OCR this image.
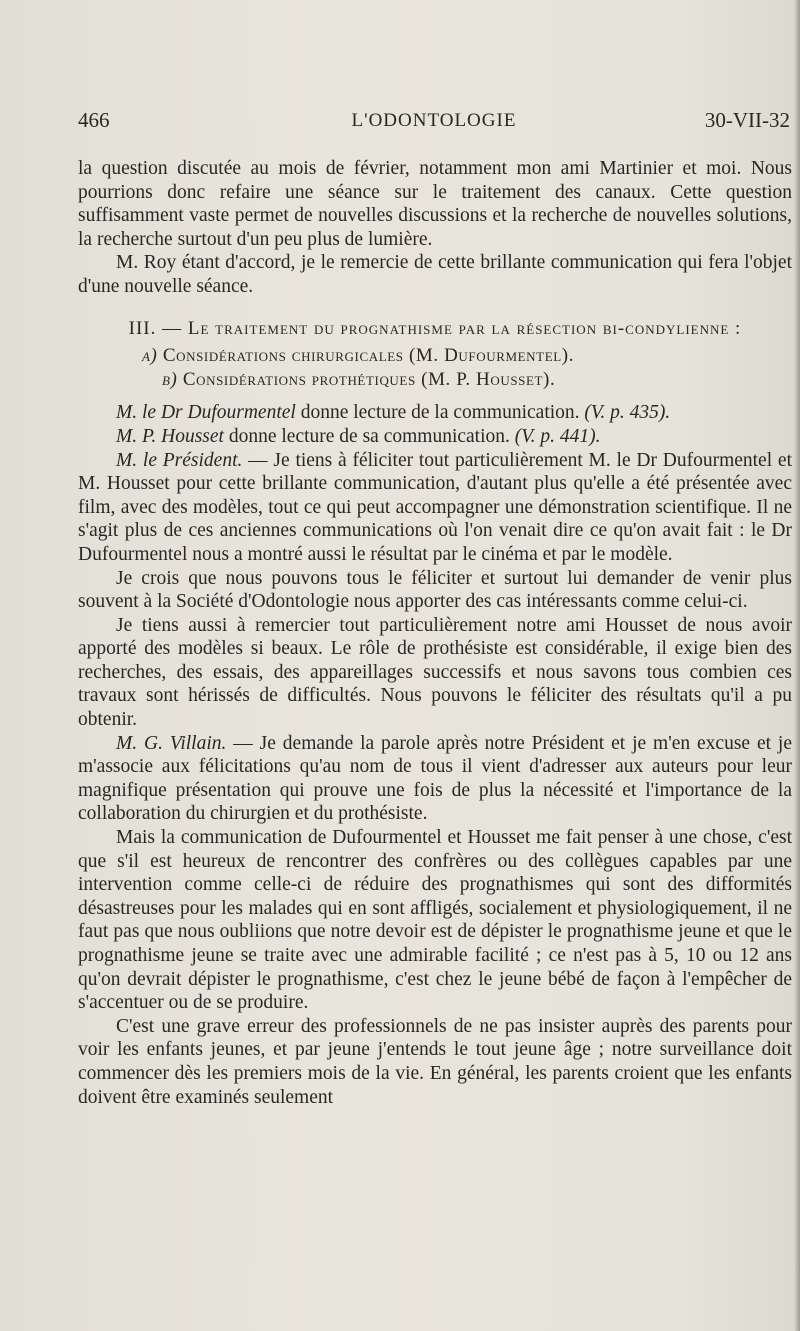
466	L'ODONTOLOGIE	30-VII-32

la question discutée au mois de février, notamment mon ami Martinier et moi. Nous pourrions donc refaire une séance sur le traitement des canaux. Cette question suffisamment vaste permet de nouvelles discussions et la recherche de nouvelles solutions, la recherche surtout d'un peu plus de lumière.

M. Roy étant d'accord, je le remercie de cette brillante communication qui fera l'objet d'une nouvelle séance.

III. — Le traitement du prognathisme par la résection bi-condylienne :

a) Considérations chirurgicales (M. Dufourmentel).

b) Considérations prothétiques (M. P. Housset).

M. le Dr Dufourmentel donne lecture de la communication. (V. p. 435).

M. P. Housset donne lecture de sa communication. (V. p. 441).

M. le Président. — Je tiens à féliciter tout particulièrement M. le Dr Dufourmentel et M. Housset pour cette brillante communication, d'autant plus qu'elle a été présentée avec film, avec des modèles, tout ce qui peut accompagner une démonstration scientifique. Il ne s'agit plus de ces anciennes communications où l'on venait dire ce qu'on avait fait : le Dr Dufourmentel nous a montré aussi le résultat par le cinéma et par le modèle.

Je crois que nous pouvons tous le féliciter et surtout lui demander de venir plus souvent à la Société d'Odontologie nous apporter des cas intéressants comme celui-ci.

Je tiens aussi à remercier tout particulièrement notre ami Housset de nous avoir apporté des modèles si beaux. Le rôle de prothésiste est considérable, il exige bien des recherches, des essais, des appareillages successifs et nous savons tous combien ces travaux sont hérissés de difficultés. Nous pouvons le féliciter des résultats qu'il a pu obtenir.

M. G. Villain. — Je demande la parole après notre Président et je m'en excuse et je m'associe aux félicitations qu'au nom de tous il vient d'adresser aux auteurs pour leur magnifique présentation qui prouve une fois de plus la nécessité et l'importance de la collaboration du chirurgien et du prothésiste.

Mais la communication de Dufourmentel et Housset me fait penser à une chose, c'est que s'il est heureux de rencontrer des confrères ou des collègues capables par une intervention comme celle-ci de réduire des prognathismes qui sont des difformités désastreuses pour les malades qui en sont affligés, socialement et physiologiquement, il ne faut pas que nous oubliions que notre devoir est de dépister le prognathisme jeune et que le prognathisme jeune se traite avec une admirable facilité ; ce n'est pas à 5, 10 ou 12 ans qu'on devrait dépister le prognathisme, c'est chez le jeune bébé de façon à l'empêcher de s'accentuer ou de se produire.

C'est une grave erreur des professionnels de ne pas insister auprès des parents pour voir les enfants jeunes, et par jeune j'entends le tout jeune âge ; notre surveillance doit commencer dès les premiers mois de la vie. En général, les parents croient que les enfants doivent être examinés seulement
